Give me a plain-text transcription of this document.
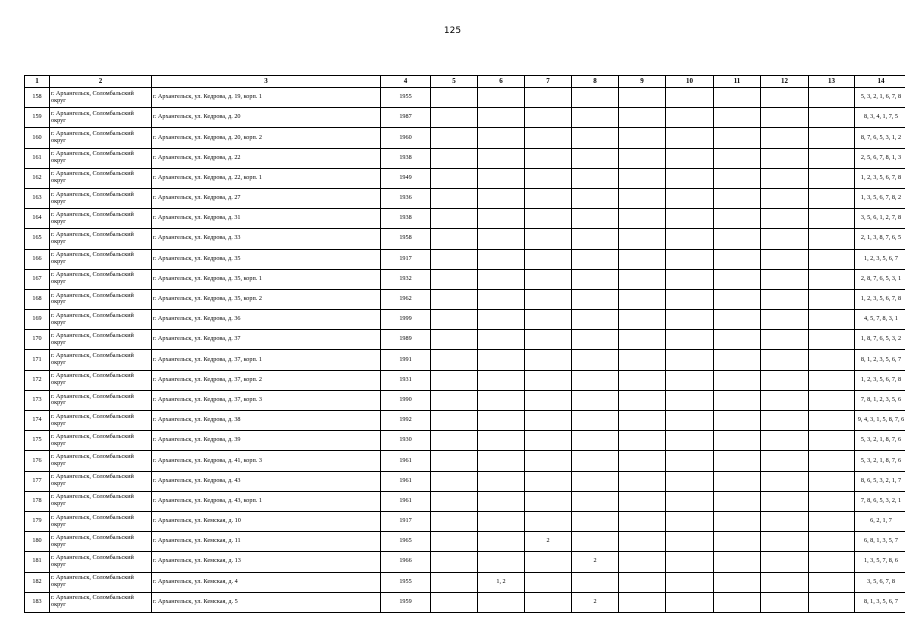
125
1	2	3	4	5	6	7	8	9	10	11	12	13	14

158	г. Архангельск, Соломбальский округ	г. Архангельск, ул. Кедрова, д. 19, корп. 1	1955										5, 3, 2, 1, 6, 7, 8

159	г. Архангельск, Соломбальский округ	г. Архангельск, ул. Кедрова, д. 20	1987										8, 3, 4, 1, 7, 5

160	г. Архангельск, Соломбальский округ	г. Архангельск, ул. Кедрова, д. 20, корп. 2	1960										8, 7, 6, 5, 3, 1, 2

161	г. Архангельск, Соломбальский округ	г. Архангельск, ул. Кедрова, д. 22	1938										2, 5, 6, 7, 8, 1, 3

162	г. Архангельск, Соломбальский округ	г. Архангельск, ул. Кедрова, д. 22, корп. 1	1949										1, 2, 3, 5, 6, 7, 8

163	г. Архангельск, Соломбальский округ	г. Архангельск, ул. Кедрова, д. 27	1936										1, 3, 5, 6, 7, 8, 2

164	г. Архангельск, Соломбальский округ	г. Архангельск, ул. Кедрова, д. 31	1938										3, 5, 6, 1, 2, 7, 8

165	г. Архангельск, Соломбальский округ	г. Архангельск, ул. Кедрова, д. 33	1958										2, 1, 3, 8, 7, 6, 5

166	г. Архангельск, Соломбальский округ	г. Архангельск, ул. Кедрова, д. 35	1917										1, 2, 3, 5, 6, 7

167	г. Архангельск, Соломбальский округ	г. Архангельск, ул. Кедрова, д. 35, корп. 1	1932										2, 8, 7, 6, 5, 3, 1

168	г. Архангельск, Соломбальский округ	г. Архангельск, ул. Кедрова, д. 35, корп. 2	1962										1, 2, 3, 5, 6, 7, 8

169	г. Архангельск, Соломбальский округ	г. Архангельск, ул. Кедрова, д. 36	1999										4, 5, 7, 8, 3, 1

170	г. Архангельск, Соломбальский округ	г. Архангельск, ул. Кедрова, д. 37	1989										1, 8, 7, 6, 5, 3, 2

171	г. Архангельск, Соломбальский округ	г. Архангельск, ул. Кедрова, д. 37, корп. 1	1991										8, 1, 2, 3, 5, 6, 7

172	г. Архангельск, Соломбальский округ	г. Архангельск, ул. Кедрова, д. 37, корп. 2	1931										1, 2, 3, 5, 6, 7, 8

173	г. Архангельск, Соломбальский округ	г. Архангельск, ул. Кедрова, д. 37, корп. 3	1990										7, 8, 1, 2, 3, 5, 6

174	г. Архангельск, Соломбальский округ	г. Архангельск, ул. Кедрова, д. 38	1992										9, 4, 3, 1, 5, 8, 7, 6

175	г. Архангельск, Соломбальский округ	г. Архангельск, ул. Кедрова, д. 39	1930										5, 3, 2, 1, 8, 7, 6

176	г. Архангельск, Соломбальский округ	г. Архангельск, ул. Кедрова, д. 41, корп. 3	1961										5, 3, 2, 1, 8, 7, 6

177	г. Архангельск, Соломбальский округ	г. Архангельск, ул. Кедрова, д. 43	1961										8, 6, 5, 3, 2, 1, 7

178	г. Архангельск, Соломбальский округ	г. Архангельск, ул. Кедрова, д. 43, корп. 1	1961										7, 8, 6, 5, 3, 2, 1

179	г. Архангельск, Соломбальский округ	г. Архангельск, ул. Кемская, д. 10	1917										6, 2, 1, 7

180	г. Архангельск, Соломбальский округ	г. Архангельск, ул. Кемская, д. 11	1965			2							6, 8, 1, 3, 5, 7

181	г. Архангельск, Соломбальский округ	г. Архангельск, ул. Кемская, д. 13	1966				2						1, 3, 5, 7, 8, 6

182	г. Архангельск, Соломбальский округ	г. Архангельск, ул. Кемская, д. 4	1955		1, 2								3, 5, 6, 7, 8

183	г. Архангельск, Соломбальский округ	г. Архангельск, ул. Кемская, д. 5	1959				2						8, 1, 3, 5, 6, 7
